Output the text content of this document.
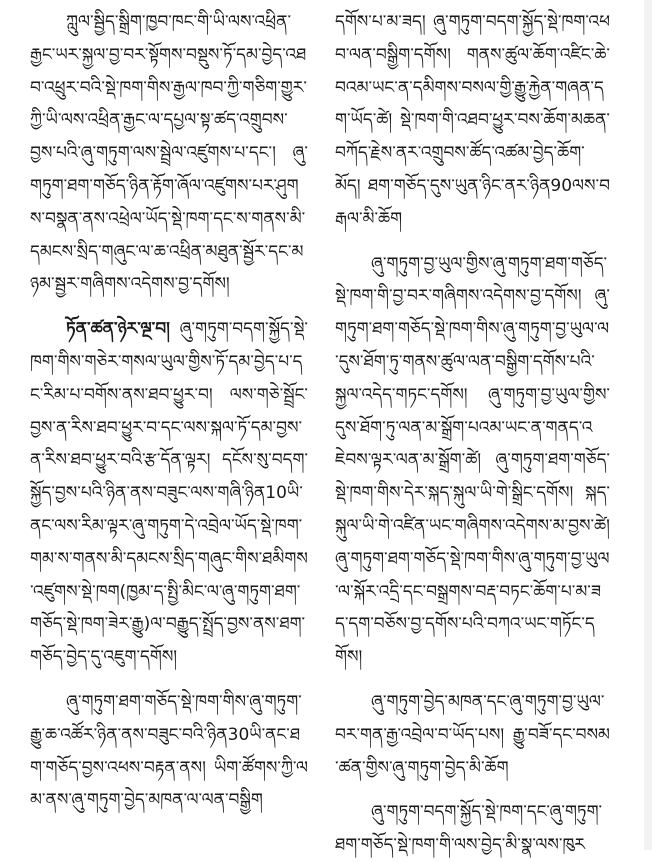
ཀླུལ་སྦྱིད་སྒྲིག་ཁྱབ་ཁང་གི་ཡི་ལས་འཕྲིན་རྒྱང་ཡར་སྐྱལ་བྱ་བར་སྟོགས་བསྡུས་ཏོ་དམ་བྱེད་འཐབ་འཕྲུར་བའི་སྡེ་ཁག་གིས་རྒྱལ་ཁབ་ཀྱི་གཅིག་གྱུར་ཀྱི་ཡི་ལས་འཕྲིན་རྒྱང་ལ་དཔྱལ་སྟ་ཚད་འགྲུབས་བྱས་པའི་ཞུ་གཏུག་ལས་སྦྲེལ་འཛུགས་པ་དང་། ཞུ་གཏུག་ཐག་གཅོད་ཉིན་རྟོག་ཞོལ་འཛུགས་པར་ཤུགས་བསྣན་ནས་འཕྲེལ་ཡོད་སྡེ་ཁག་དང་ས་གནས་མི་དམངས་སྲིད་གཞུང་ལ་ཆ་འཕྲིན་མཐུན་སྦྱོར་དང་མཉམ་སྦྱར་གཞིགས་འདེགས་བྱ་དགོས།

ཏོན་ཚན་ཉེར་ལྔ་བ། ཞུ་གཏུག་བདག་སྐྱོད་སྡེ་ཁག་གིས་གཅེར་གསལ་ཡུལ་གྱིས་ཏོ་དམ་བྱེད་པ་དང་རིམ་པ་བགོས་ནས་ཐབ་ཕྱུར་བ། ལས་གཅེ་སྦྲོང་བྱས་ན་རིས་ཐབ་ཕྱུར་བ་དང་ལས་སྐལ་ཏོ་དམ་བྱས་ན་རིས་ཐབ་ཕྱུར་བའི་རྩ་དོན་ལྟར། དངོས་སུ་བདག་སྐྱོད་བྱས་པའི་ཉིན་ནས་བཟུང་ལས་གཞི་ཉིན10ཡི་ནང་ལས་རིམ་ལྟར་ཞུ་གཏུག་དེ་འབྲེལ་ཡོད་སྡེ་ཁག་གམ་ས་གནས་མི་དམངས་སྲིད་གཞུང་གིས་ཐམིགས་འཛུགས་སྡེ་ཁག(ཁྱམ་ད་སྤྱི་མིང་ལ་ཞུ་གཏུག་ཐག་གཅོད་སྡེ་ཁག་ཟེར་རྒྱུ)ལ་བརྒྱུད་སྤྲོད་བྱས་ནས་ཐག་གཅོད་བྱེད་དུ་འཇུག་དགོས།

ཞུ་གཏུག་ཐག་གཅོད་སྡེ་ཁག་གིས་ཞུ་གཏུག་རྒྱུ་ཆ་འཚོར་ཉིན་ནས་བཟུང་བའི་ཉིན30ཡི་ནང་ཐག་གཅོད་བྱས་འཕས་བརྟན་ནས། ཡིག་ཚོགས་ཀྱི་ལམ་ནས་ཞུ་གཏུག་བྱེད་མཁན་ལ་ལན་བསྒྱིག

དགོས་པ་མ་ཟད། ཞུ་གཏུག་བདག་སྐྱོད་སྡེ་ཁག་འཕབ་ལན་བསྒྱིག་དགོས། གནས་ཚུལ་ཆོག་འཛིང་ཆེ་བའམ་ཡང་ན་དམིགས་བསལ་གྱི་རྒྱུ་རྐྱེན་གཞན་དག་ཡོད་ཚེ། སྡེ་ཁག་གི་འཐབ་ཕྱུར་བས་ཆོག་མཆན་བཀོད་རྗེས་ནར་འགྲུབས་ཚོད་འཚམ་བྱེད་ཆོག་མོད། ཐག་གཅོད་དུས་ཡུན་ཉིང་ནར་ཉིན90ལས་བརྒལ་མི་ཆོག

ཞུ་གཏུག་བྱ་ཡུལ་གྱིས་ཞུ་གཏུག་ཐག་གཅོད་སྡེ་ཁག་གི་བྱ་བར་གཞིགས་འདེགས་བྱ་དགོས། ཞུ་གཏུག་ཐག་གཅོད་སྡེ་ཁག་གིས་ཞུ་གཏུག་བྱ་ཡུལ་ལ་དུས་ཐོག་ཏུ་གནས་ཚུལ་ལན་བསྒྱིག་དགོས་པའི་སྐྱལ་འདེད་གཏང་དགོས། ཞུ་གཏུག་བྱ་ཡུལ་གྱིས་དུས་ཐོག་ཏུ་ལན་མ་སྒྲོག་པའམ་ཡང་ན་གནད་འཇེབས་ལྟར་ལན་མ་སྒྲོག་ཚེ། ཞུ་གཏུག་ཐག་གཅོད་སྡེ་ཁག་གིས་དེར་སྐད་སྐུལ་ཡི་གེ་སྒྲིང་དགོས། སྐད་སྐུལ་ཡི་གེ་འཛིན་ཡང་གཞིགས་འདེགས་མ་བྱས་ཚེ། ཞུ་གཏུག་ཐག་གཅོད་སྡེ་ཁག་གིས་ཞུ་གཏུག་བྱ་ཡུལ་ལ་སྐོར་འདྲི་དང་བསྒྲགས་བརྡ་བཏང་ཆོག་པ་མ་ཟད་དག་བཅོས་བྱ་དགོས་པའི་བཀའ་ཡང་གཏོང་དགོས།

ཞུ་གཏུག་བྱེད་མཁན་དང་ཞུ་གཏུག་བྱ་ཡུལ་བར་གན་རྒྱ་འབྲེལ་བ་ཡོད་པས། རྒྱུ་བཟོ་དང་བསམ་ཚན་གྱིས་ཞུ་གཏུག་བྱེད་མི་ཆོག

ཞུ་གཏུག་བདག་སྐྱོད་སྡེ་ཁག་དང་ཞུ་གཏུག་ཐག་གཅོད་སྡེ་ཁག་གི་ལས་བྱེད་མི་སྣ་ལས་ཁུར
